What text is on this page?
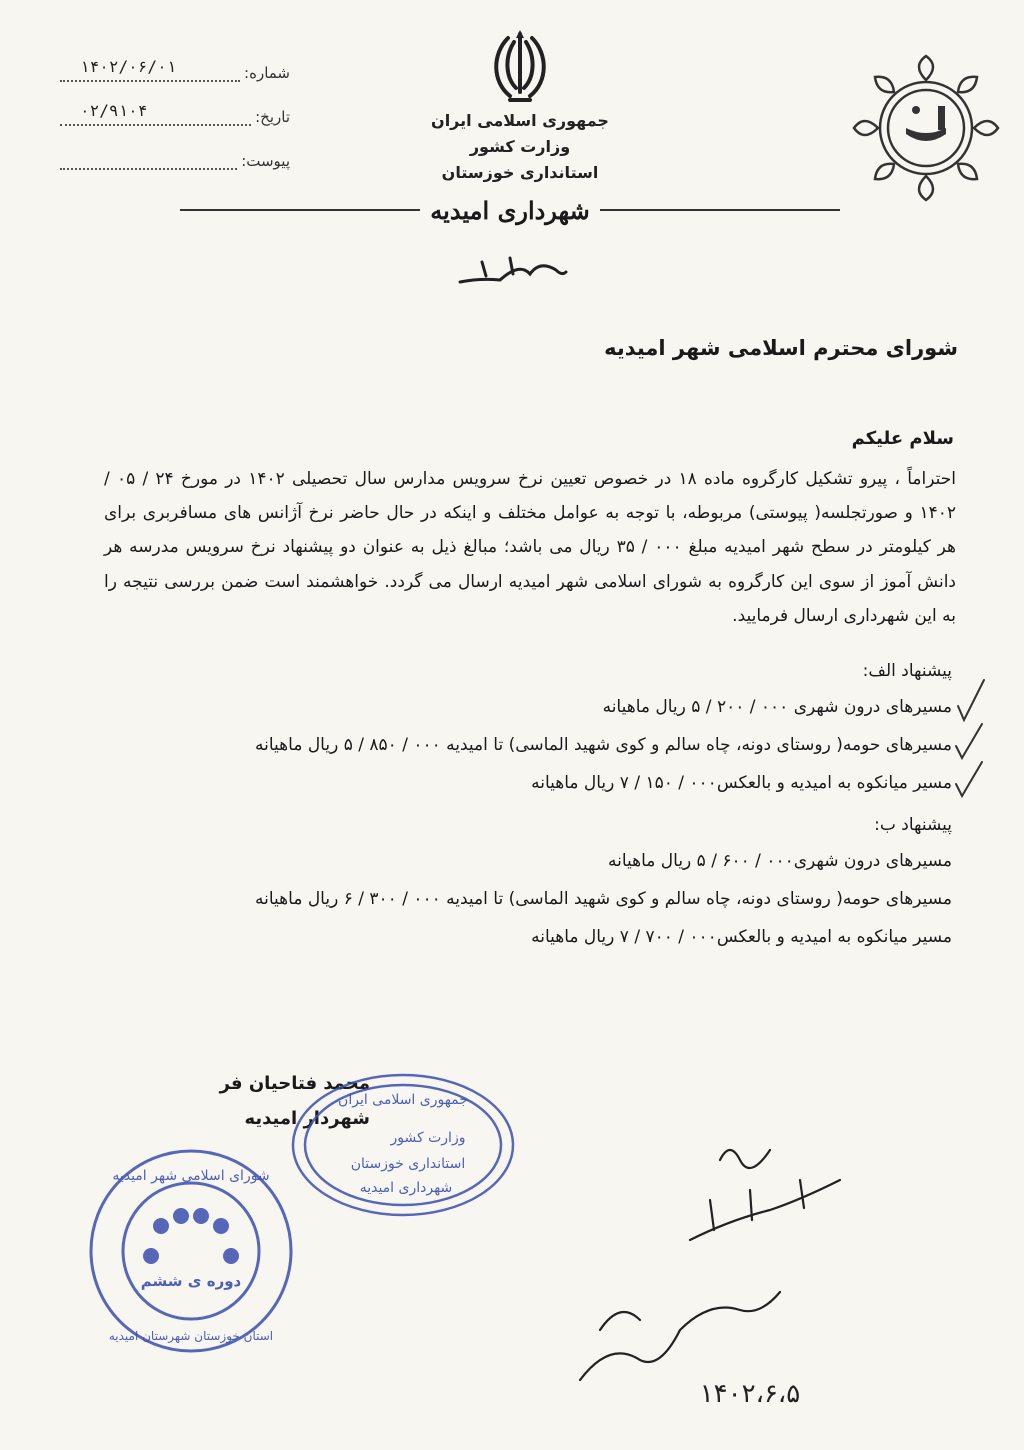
شماره:
۱۴۰۲/۰۶/۰۱
تاریخ:
۰۲/۹۱۰۴
پیوست:
جمهوری اسلامی ایران
وزارت کشور
استانداری خوزستان
شهرداری امیدیه
شورای محترم اسلامی شهر امیدیه
سلام علیکم
احتراماً ، پیرو تشکیل کارگروه ماده ۱۸ در خصوص تعیین نرخ سرویس مدارس سال تحصیلی ۱۴۰۲ در مورخ ۲۴ / ۰۵ / ۱۴۰۲ و صورتجلسه( پیوستی) مربوطه، با توجه به عوامل مختلف و اینکه در حال حاضر نرخ آژانس های مسافربری برای هر کیلومتر در سطح شهر امیدیه مبلغ ۰۰۰ / ۳۵ ریال می باشد؛ مبالغ ذیل به عنوان دو پیشنهاد نرخ سرویس مدرسه هر دانش آموز از سوی این کارگروه به شورای اسلامی شهر امیدیه ارسال می گردد. خواهشمند است ضمن بررسی نتیجه را به این شهرداری ارسال فرمایید.
پیشنهاد الف:
مسیرهای درون شهری ۰۰۰ / ۲۰۰ / ۵ ریال ماهیانه
مسیرهای حومه( روستای دونه، چاه سالم و کوی شهید الماسی) تا امیدیه ۰۰۰ / ۸۵۰ / ۵ ریال ماهیانه
مسیر میانکوه به امیدیه و بالعکس۰۰۰ / ۱۵۰ / ۷ ریال ماهیانه
پیشنهاد ب:
مسیرهای درون شهری۰۰۰ / ۶۰۰ / ۵ ریال ماهیانه
مسیرهای حومه( روستای دونه، چاه سالم و کوی شهید الماسی) تا امیدیه ۰۰۰ / ۳۰۰ / ۶ ریال ماهیانه
مسیر میانکوه به امیدیه و بالعکس۰۰۰ / ۷۰۰ / ۷ ریال ماهیانه
محمد فتاحیان فر
شهردار امیدیه
جمهوری اسلامی ایران
وزارت کشور
استانداری خوزستان
شهرداری امیدیه
شورای اسلامی شهر امیدیه
دوره ی ششم
استان خوزستان شهرستان امیدیه
۱۴۰۲،۶،۵
